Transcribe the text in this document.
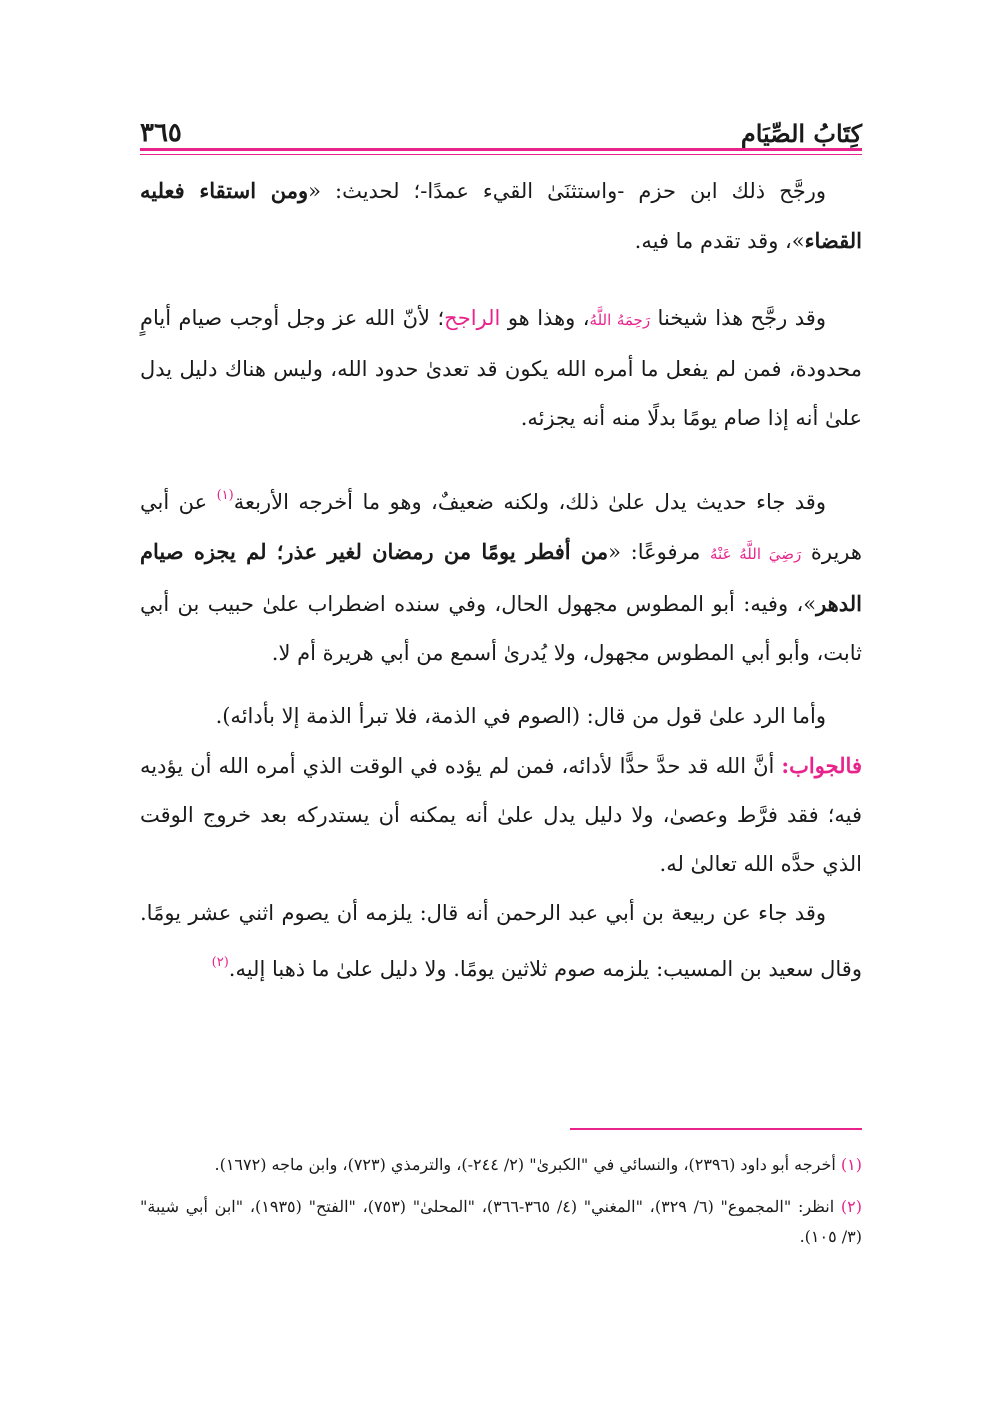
كِتَابُ الصِّيَام
٣٦٥

ورجَّح ذلك ابن حزم -واستثنَىٰ القيء عمدًا-؛ لحديث: «ومن استقاء فعليه القضاء»، وقد تقدم ما فيه.

وقد رجَّح هذا شيخنا رَحِمَهُ اللَّهُ، وهذا هو الراجح؛ لأنّ الله عز وجل أوجب صيام أيامٍ محدودة، فمن لم يفعل ما أمره الله يكون قد تعدىٰ حدود الله، وليس هناك دليل يدل علىٰ أنه إذا صام يومًا بدلًا منه أنه يجزئه.

وقد جاء حديث يدل علىٰ ذلك، ولكنه ضعيفٌ، وهو ما أخرجه الأربعة$^{(١)}$ عن أبي هريرة رَضِيَ اللَّهُ عَنْهُ مرفوعًا: «من أفطر يومًا من رمضان لغير عذر؛ لم يجزه صيام الدهر»، وفيه: أبو المطوس مجهول الحال، وفي سنده اضطراب علىٰ حبيب بن أبي ثابت، وأبو أبي المطوس مجهول، ولا يُدرىٰ أسمع من أبي هريرة أم لا.

وأما الرد علىٰ قول من قال: (الصوم في الذمة، فلا تبرأ الذمة إلا بأدائه).

فالجواب: أنَّ الله قد حدَّ حدًّا لأدائه، فمن لم يؤده في الوقت الذي أمره الله أن يؤديه فيه؛ فقد فرَّط وعصىٰ، ولا دليل يدل علىٰ أنه يمكنه أن يستدركه بعد خروج الوقت الذي حدَّه الله تعالىٰ له.

وقد جاء عن ربيعة بن أبي عبد الرحمن أنه قال: يلزمه أن يصوم اثني عشر يومًا. وقال سعيد بن المسيب: يلزمه صوم ثلاثين يومًا. ولا دليل علىٰ ما ذهبا إليه.$^{(٢)}$

(١) أخرجه أبو داود (٢٣٩٦)، والنسائي في "الكبرىٰ" (٢/ ٢٤٤-)، والترمذي (٧٢٣)، وابن ماجه (١٦٧٢).

(٢) انظر: "المجموع" (٦/ ٣٢٩)، "المغني" (٤/ ٣٦٥-٣٦٦)، "المحلىٰ" (٧٥٣)، "الفتح" (١٩٣٥)، "ابن أبي شيبة" (٣/ ١٠٥).
